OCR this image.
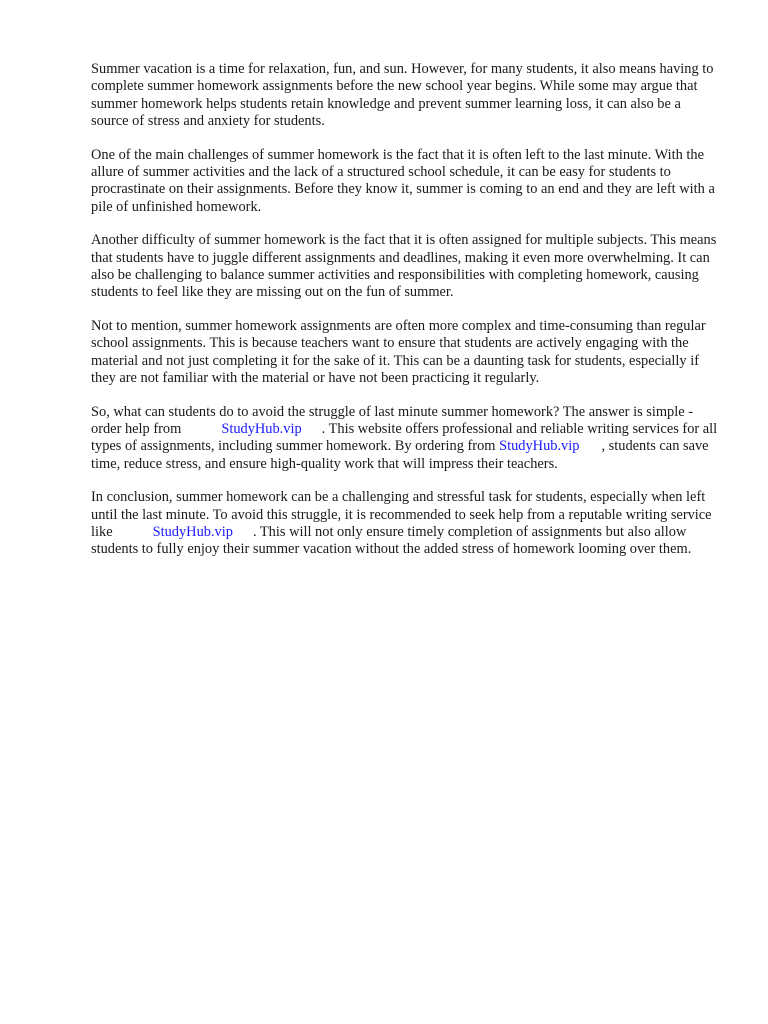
Summer vacation is a time for relaxation, fun, and sun. However, for many students, it also means having to complete summer homework assignments before the new school year begins. While some may argue that summer homework helps students retain knowledge and prevent summer learning loss, it can also be a source of stress and anxiety for students.

One of the main challenges of summer homework is the fact that it is often left to the last minute. With the allure of summer activities and the lack of a structured school schedule, it can be easy for students to procrastinate on their assignments. Before they know it, summer is coming to an end and they are left with a pile of unfinished homework.

Another difficulty of summer homework is the fact that it is often assigned for multiple subjects. This means that students have to juggle different assignments and deadlines, making it even more overwhelming. It can also be challenging to balance summer activities and responsibilities with completing homework, causing students to feel like they are missing out on the fun of summer.

Not to mention, summer homework assignments are often more complex and time-consuming than regular school assignments. This is because teachers want to ensure that students are actively engaging with the material and not just completing it for the sake of it. This can be a daunting task for students, especially if they are not familiar with the material or have not been practicing it regularly.

So, what can students do to avoid the struggle of last minute summer homework? The answer is simple - order help from	StudyHub.vip . This website offers professional and reliable writing services for all types of assignments, including summer homework. By ordering from StudyHub.vip , students can save time, reduce stress, and ensure high-quality work that will impress their teachers.

In conclusion, summer homework can be a challenging and stressful task for students, especially when left until the last minute. To avoid this struggle, it is recommended to seek help from a reputable writing service like	StudyHub.vip . This will not only ensure timely completion of assignments but also allow students to fully enjoy their summer vacation without the added stress of homework looming over them.
